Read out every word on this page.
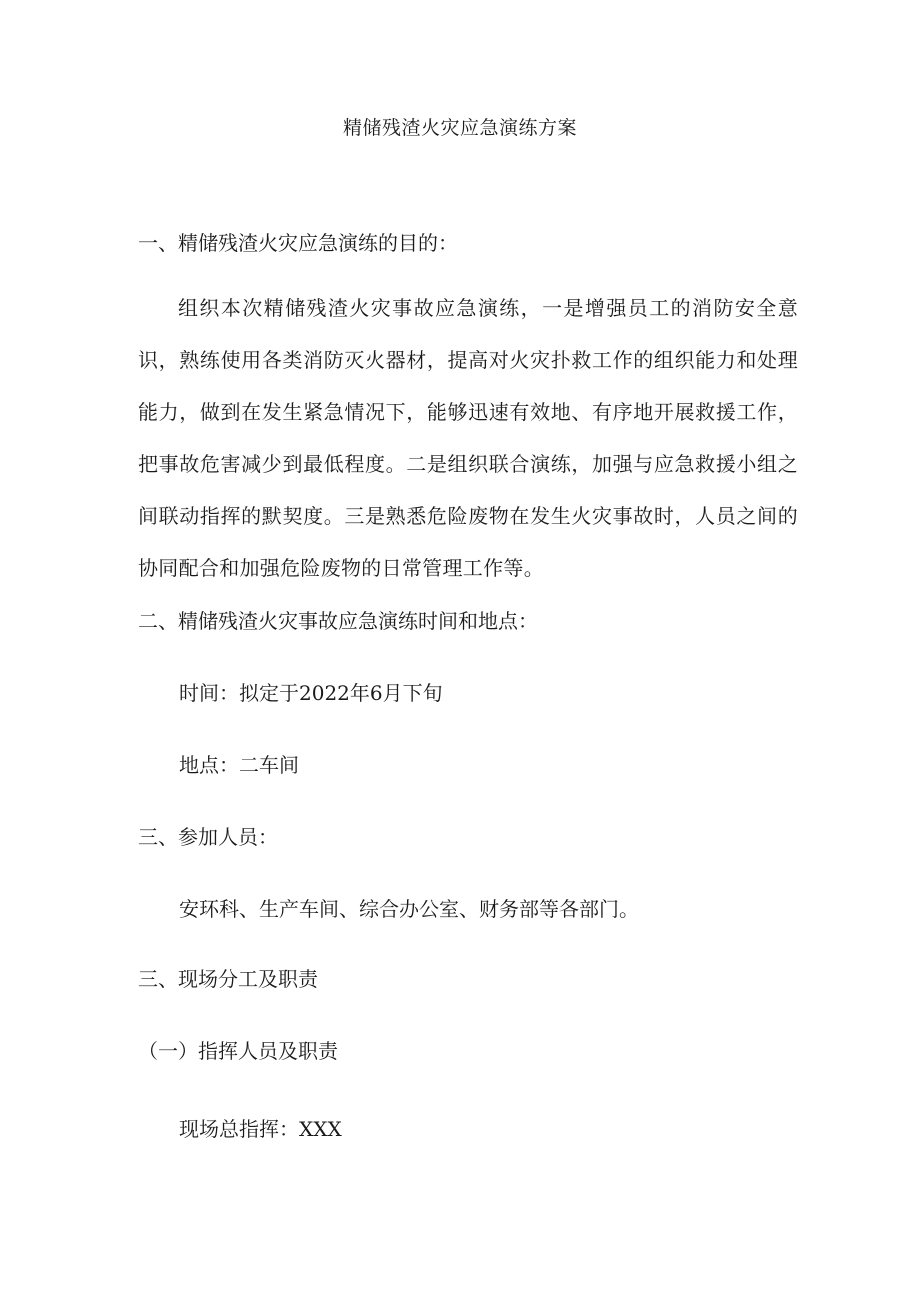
精储残渣火灾应急演练方案
一、精储残渣火灾应急演练的目的：
组织本次精储残渣火灾事故应急演练，一是增强员工的消防安全意识，熟练使用各类消防灭火器材，提高对火灾扑救工作的组织能力和处理能力，做到在发生紧急情况下，能够迅速有效地、有序地开展救援工作，把事故危害减少到最低程度。二是组织联合演练，加强与应急救援小组之间联动指挥的默契度。三是熟悉危险废物在发生火灾事故时，人员之间的协同配合和加强危险废物的日常管理工作等。
二、精储残渣火灾事故应急演练时间和地点：
时间：拟定于2022年6月下旬
地点：二车间
三、参加人员：
安环科、生产车间、综合办公室、财务部等各部门。
三、现场分工及职责
（一）指挥人员及职责
现场总指挥：XXX
